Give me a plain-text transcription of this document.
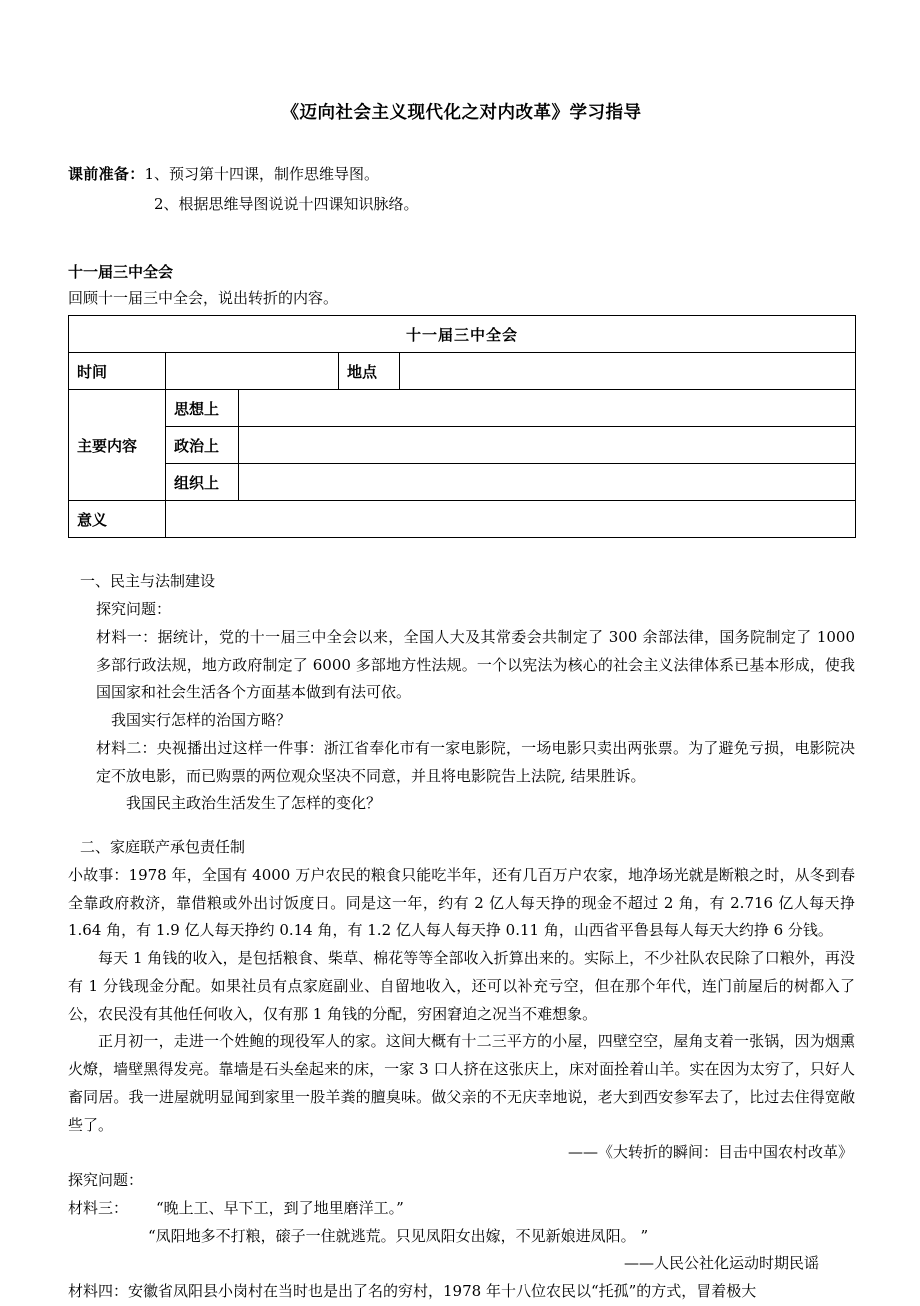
《迈向社会主义现代化之对内改革》学习指导
课前准备：1、预习第十四课，制作思维导图。
2、根据思维导图说说十四课知识脉络。
十一届三中全会
回顾十一届三中全会，说出转折的内容。
十一届三中全会				
时间			地点	
主要内容	思想上			
	政治上			
	组织上			
意义				

一、民主与法制建设

探究问题：

材料一：据统计，党的十一届三中全会以来，全国人大及其常委会共制定了 300 余部法律，国务院制定了 1000 多部行政法规，地方政府制定了 6000 多部地方性法规。一个以宪法为核心的社会主义法律体系已基本形成，使我国国家和社会生活各个方面基本做到有法可依。

我国实行怎样的治国方略？

材料二：央视播出过这样一件事：浙江省奉化市有一家电影院，一场电影只卖出两张票。为了避免亏损，电影院决定不放电影，而已购票的两位观众坚决不同意，并且将电影院告上法院, 结果胜诉。

我国民主政治生活发生了怎样的变化？

二、家庭联产承包责任制

小故事：1978 年，全国有 4000 万户农民的粮食只能吃半年，还有几百万户农家，地净场光就是断粮之时，从冬到春全靠政府救济，靠借粮或外出讨饭度日。同是这一年，约有 2 亿人每天挣的现金不超过 2 角，有 2.716 亿人每天挣 1.64 角，有 1.9 亿人每天挣约 0.14 角，有 1.2 亿人每人每天挣 0.11 角，山西省平鲁县每人每天大约挣 6 分钱。

每天 1 角钱的收入，是包括粮食、柴草、棉花等等全部收入折算出来的。实际上，不少社队农民除了口粮外，再没有 1 分钱现金分配。如果社员有点家庭副业、自留地收入，还可以补充亏空，但在那个年代，连门前屋后的树都入了公，农民没有其他任何收入，仅有那 1 角钱的分配，穷困窘迫之况当不难想象。

正月初一，走进一个姓鲍的现役军人的家。这间大概有十二三平方的小屋，四壁空空，屋角支着一张锅，因为烟熏火燎，墙壁黑得发亮。靠墙是石头垒起来的床，一家 3 口人挤在这张庆上，床对面拴着山羊。实在因为太穷了，只好人畜同居。我一进屋就明显闻到家里一股羊粪的膻臭味。做父亲的不无庆幸地说，老大到西安参军去了，比过去住得宽敞些了。

——《大转折的瞬间：目击中国农村改革》

探究问题：

材料三： “晚上工、早下工，到了地里磨洋工。”

“凤阳地多不打粮，磙子一住就逃荒。只见凤阳女出嫁，不见新娘进凤阳。 ”

——人民公社化运动时期民谣

材料四：安徽省凤阳县小岗村在当时也是出了名的穷村，1978 年十八位农民以“托孤”的方式，冒着极大
